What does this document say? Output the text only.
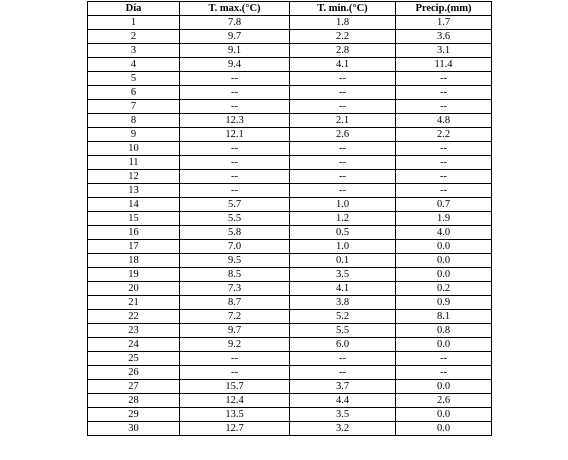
Día	T. max.(°C)	T. min.(°C)	Precip.(mm)
1	7.8	1.8	1.7
2	9.7	2.2	3.6
3	9.1	2.8	3.1
4	9.4	4.1	11.4
5	--	--	--
6	--	--	--
7	--	--	--
8	12.3	2.1	4.8
9	12.1	2.6	2.2
10	--	--	--
11	--	--	--
12	--	--	--
13	--	--	--
14	5.7	1.0	0.7
15	5.5	1.2	1.9
16	5.8	0.5	4.0
17	7.0	1.0	0.0
18	9.5	0.1	0.0
19	8.5	3.5	0.0
20	7.3	4.1	0.2
21	8.7	3.8	0.9
22	7.2	5.2	8.1
23	9.7	5.5	0.8
24	9.2	6.0	0.0
25	--	--	--
26	--	--	--
27	15.7	3.7	0.0
28	12.4	4.4	2.6
29	13.5	3.5	0.0
30	12.7	3.2	0.0
